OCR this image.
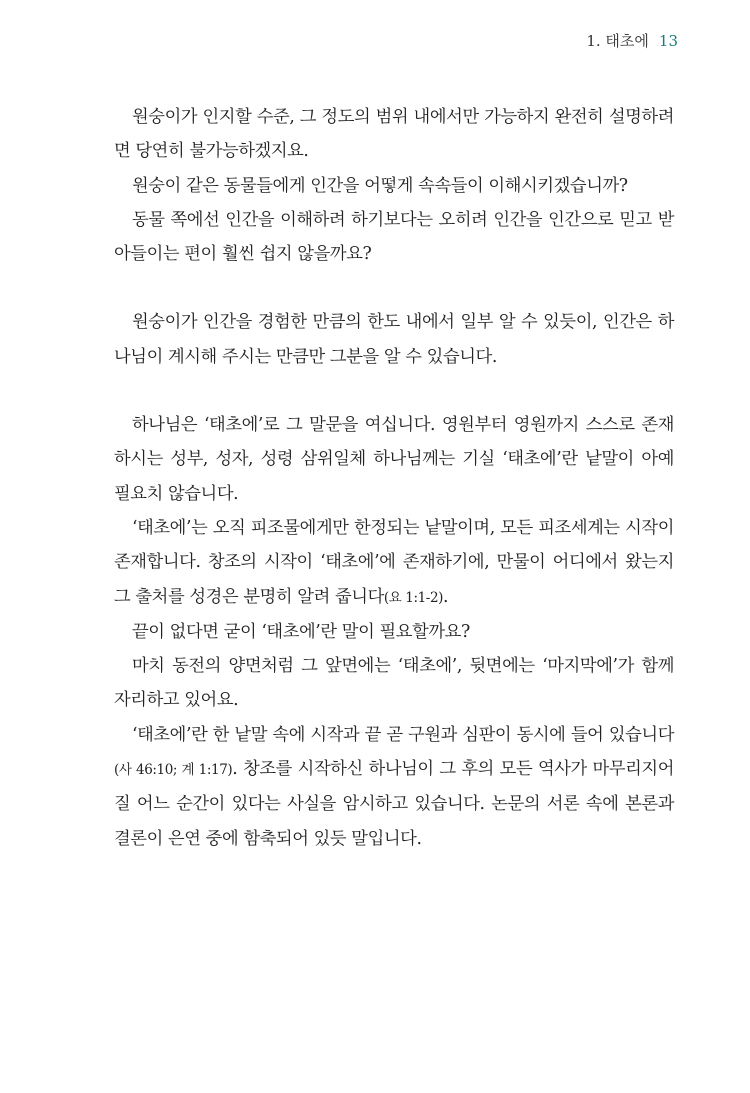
1. 태초에 13

원숭이가 인지할 수준, 그 정도의 범위 내에서만 가능하지 완전히 설명하려면 당연히 불가능하겠지요.

원숭이 같은 동물들에게 인간을 어떻게 속속들이 이해시키겠습니까?

동물 쪽에선 인간을 이해하려 하기보다는 오히려 인간을 인간으로 믿고 받아들이는 편이 훨씬 쉽지 않을까요?

원숭이가 인간을 경험한 만큼의 한도 내에서 일부 알 수 있듯이, 인간은 하나님이 계시해 주시는 만큼만 그분을 알 수 있습니다.

하나님은 ‘태초에’로 그 말문을 여십니다. 영원부터 영원까지 스스로 존재하시는 성부, 성자, 성령 삼위일체 하나님께는 기실 ‘태초에’란 낱말이 아예 필요치 않습니다.

‘태초에’는 오직 피조물에게만 한정되는 낱말이며, 모든 피조세계는 시작이 존재합니다. 창조의 시작이 ‘태초에’에 존재하기에, 만물이 어디에서 왔는지 그 출처를 성경은 분명히 알려 줍니다(요 1:1-2).

끝이 없다면 굳이 ‘태초에’란 말이 필요할까요?

마치 동전의 양면처럼 그 앞면에는 ‘태초에’, 뒷면에는 ‘마지막에’가 함께 자리하고 있어요.

‘태초에’란 한 낱말 속에 시작과 끝 곧 구원과 심판이 동시에 들어 있습니다(사 46:10; 계 1:17). 창조를 시작하신 하나님이 그 후의 모든 역사가 마무리지어질 어느 순간이 있다는 사실을 암시하고 있습니다. 논문의 서론 속에 본론과 결론이 은연 중에 함축되어 있듯 말입니다.
